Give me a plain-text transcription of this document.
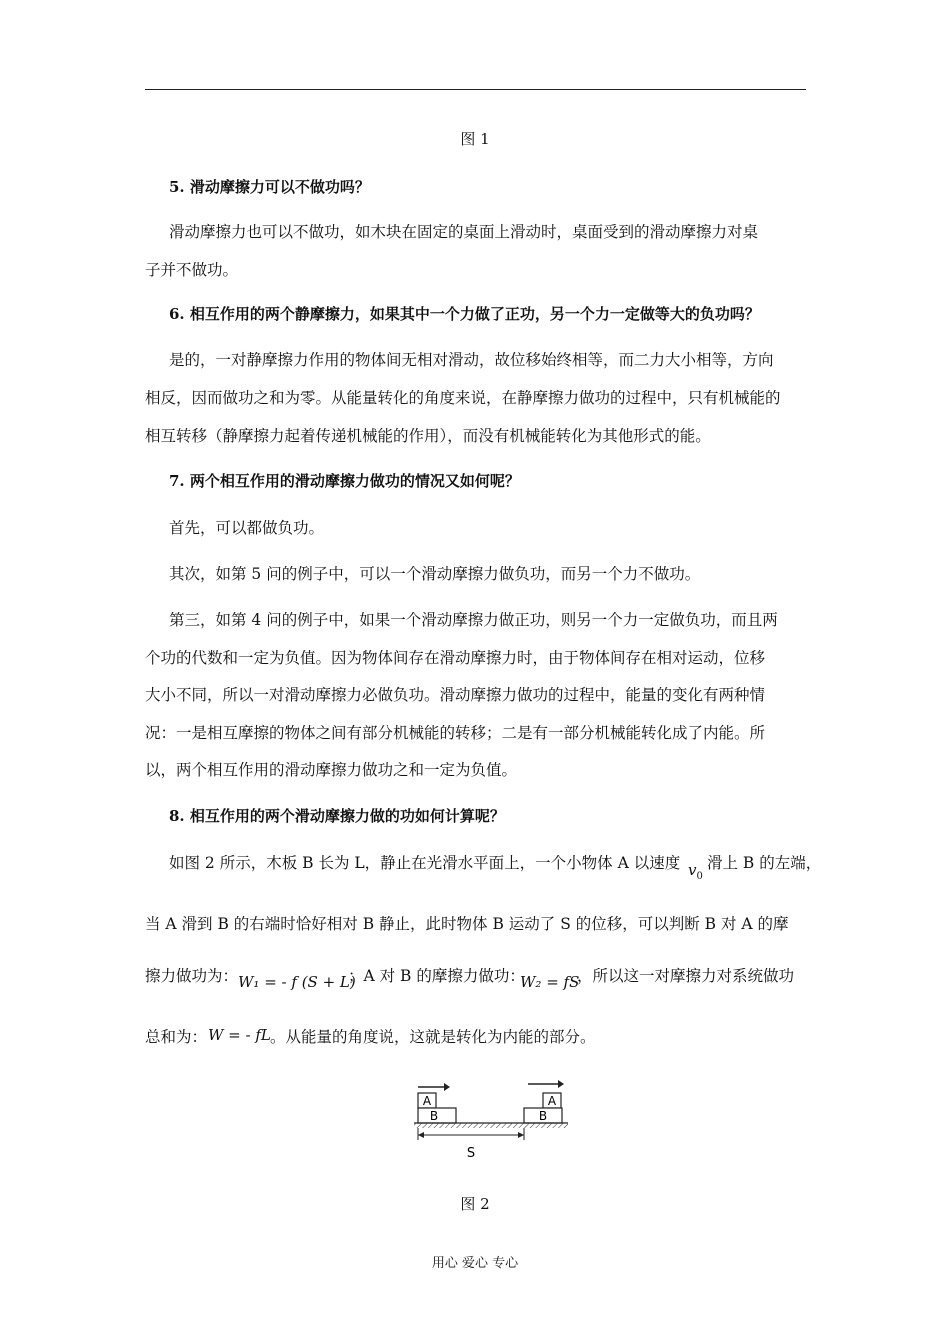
图 1
5. 滑动摩擦力可以不做功吗？
滑动摩擦力也可以不做功，如木块在固定的桌面上滑动时，桌面受到的滑动摩擦力对桌
子并不做功。
6. 相互作用的两个静摩擦力，如果其中一个力做了正功，另一个力一定做等大的负功吗？
是的，一对静摩擦力作用的物体间无相对滑动，故位移始终相等，而二力大小相等，方向
相反，因而做功之和为零。从能量转化的角度来说，在静摩擦力做功的过程中，只有机械能的
相互转移（静摩擦力起着传递机械能的作用），而没有机械能转化为其他形式的能。
7. 两个相互作用的滑动摩擦力做功的情况又如何呢？
首先，可以都做负功。
其次，如第 5 问的例子中，可以一个滑动摩擦力做负功，而另一个力不做功。
第三，如第 4 问的例子中，如果一个滑动摩擦力做正功，则另一个力一定做负功，而且两
个功的代数和一定为负值。因为物体间存在滑动摩擦力时，由于物体间存在相对运动，位移
大小不同，所以一对滑动摩擦力必做负功。滑动摩擦力做功的过程中，能量的变化有两种情
况：一是相互摩擦的物体之间有部分机械能的转移；二是有一部分机械能转化成了内能。所
以，两个相互作用的滑动摩擦力做功之和一定为负值。
8. 相互作用的两个滑动摩擦力做的功如何计算呢？
如图 2 所示，木板 B 长为 L，静止在光滑水平面上，一个小物体 A 以速度 $v_0$
滑上 B 的左端，
当 A 滑到 B 的右端时恰好相对 B 静止，此时物体 B 运动了 S 的位移，可以判断 B 对 A 的摩
擦力做功为： W₁ = - f (S + L)
；A 对 B 的摩擦力做功：
W₂ = fS
，所以这一对摩擦力对系统做功
总和为： W = - fL 。从能量的角度说，这就是转化为内能的部分。
A
B
A
B
S
图 2
用心 爱心 专心
